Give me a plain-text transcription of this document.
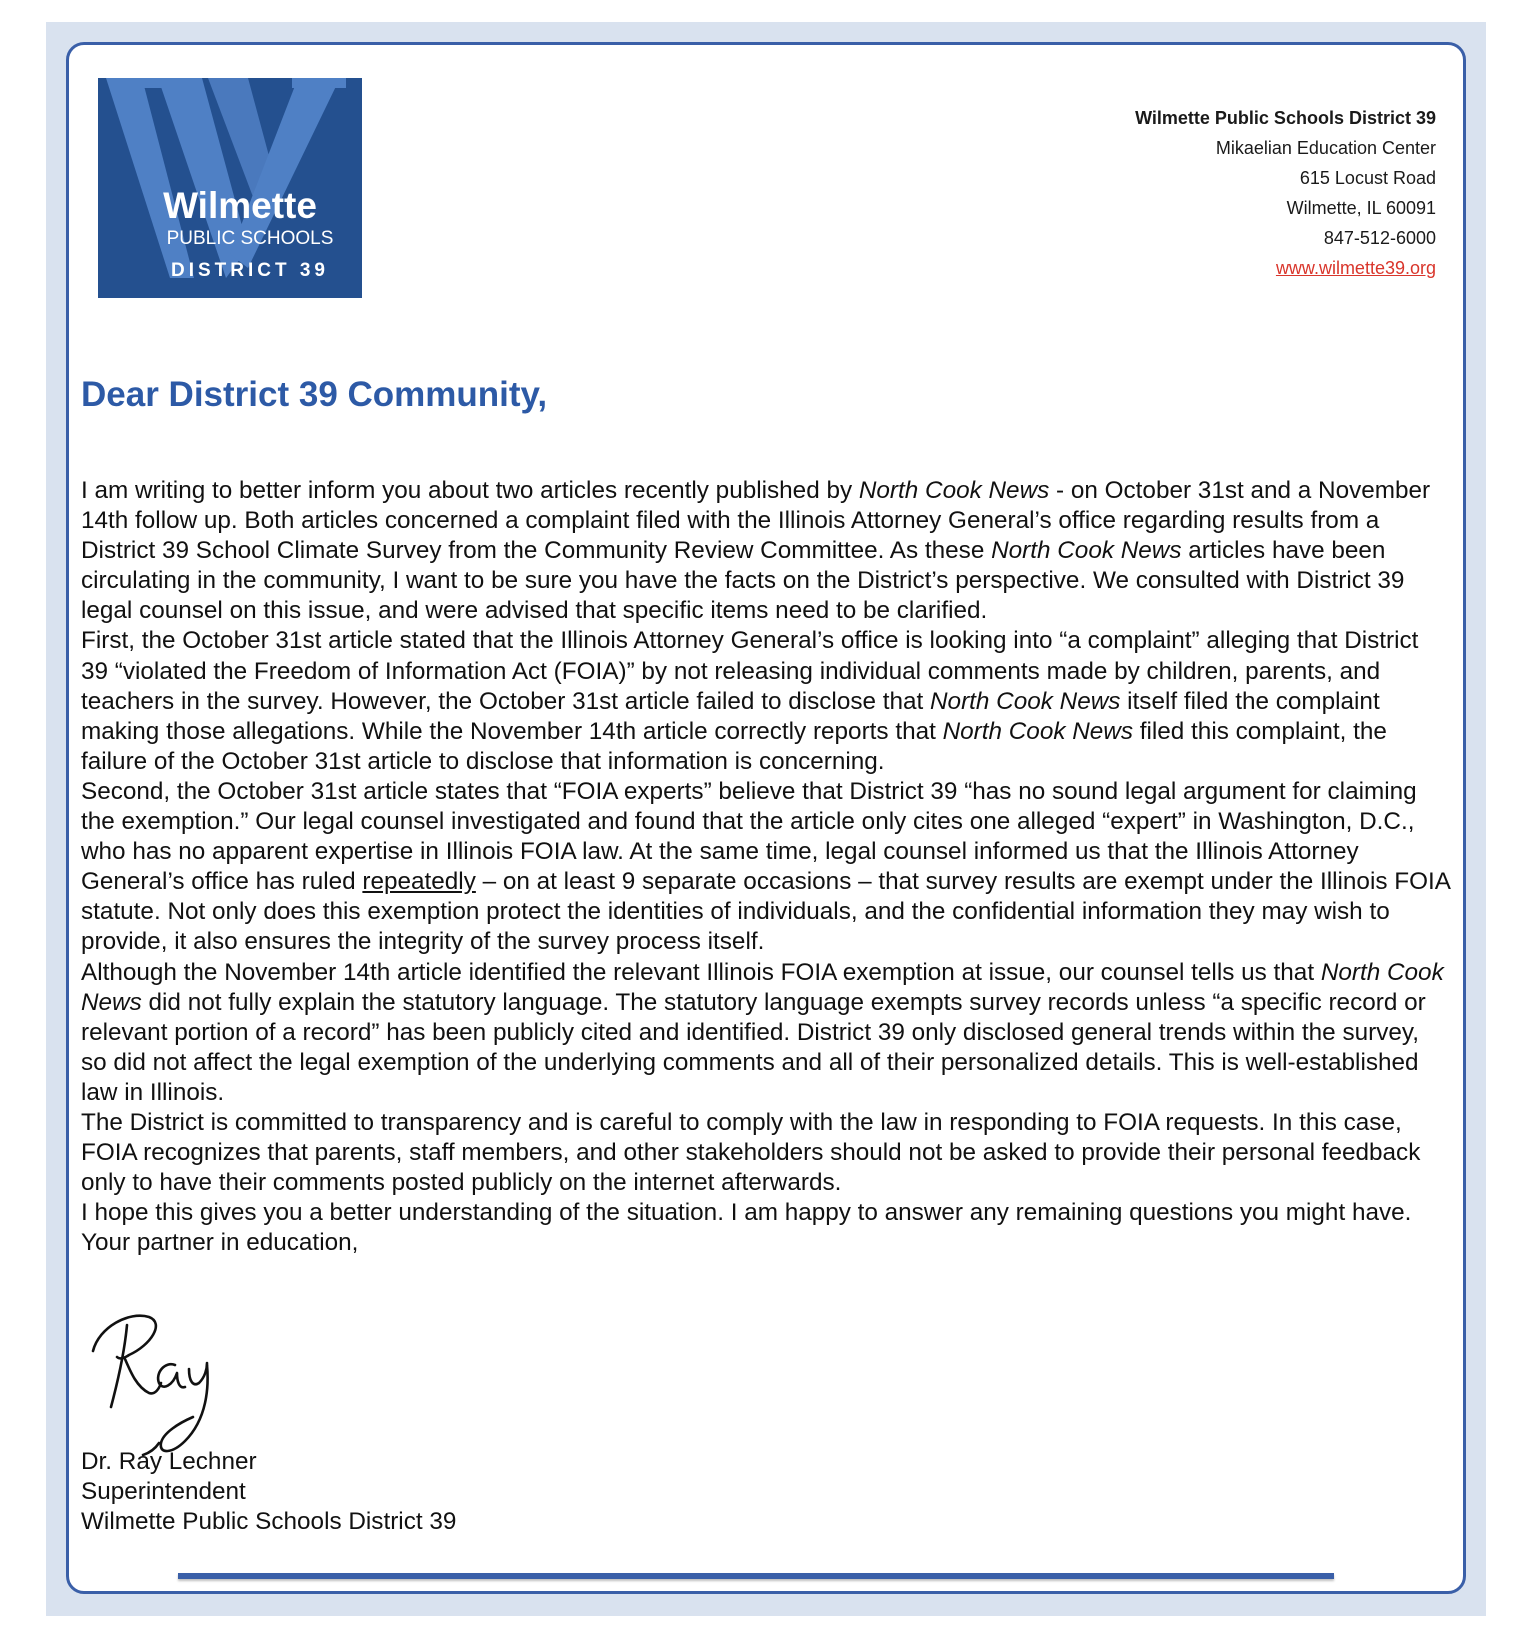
Wilmette
PUBLIC SCHOOLS
DISTRICT 39
Wilmette Public Schools District 39
Mikaelian Education Center
615 Locust Road
Wilmette, IL 60091
847-512-6000
www.wilmette39.org
Dear District 39 Community,

I am writing to better inform you about two articles recently published by North Cook News - on October 31st and a November 14th follow up. Both articles concerned a complaint filed with the Illinois Attorney General’s office regarding results from a District 39 School Climate Survey from the Community Review Committee. As these North Cook News articles have been circulating in the community, I want to be sure you have the facts on the District’s perspective. We consulted with District 39 legal counsel on this issue, and were advised that specific items need to be clarified.

First, the October 31st article stated that the Illinois Attorney General’s office is looking into “a complaint” alleging that District 39 “violated the Freedom of Information Act (FOIA)” by not releasing individual comments made by children, parents, and teachers in the survey. However, the October 31st article failed to disclose that North Cook News itself filed the complaint making those allegations. While the November 14th article correctly reports that North Cook News filed this complaint, the failure of the October 31st article to disclose that information is concerning.

Second, the October 31st article states that “FOIA experts” believe that District 39 “has no sound legal argument for claiming the exemption.” Our legal counsel investigated and found that the article only cites one alleged “expert” in Washington, D.C., who has no apparent expertise in Illinois FOIA law. At the same time, legal counsel informed us that the Illinois Attorney General’s office has ruled repeatedly – on at least 9 separate occasions – that survey results are exempt under the Illinois FOIA statute. Not only does this exemption protect the identities of individuals, and the confidential information they may wish to provide, it also ensures the integrity of the survey process itself.

Although the November 14th article identified the relevant Illinois FOIA exemption at issue, our counsel tells us that North Cook News did not fully explain the statutory language. The statutory language exempts survey records unless “a specific record or relevant portion of a record” has been publicly cited and identified. District 39 only disclosed general trends within the survey, so did not affect the legal exemption of the underlying comments and all of their personalized details. This is well-established law in Illinois.

The District is committed to transparency and is careful to comply with the law in responding to FOIA requests. In this case, FOIA recognizes that parents, staff members, and other stakeholders should not be asked to provide their personal feedback only to have their comments posted publicly on the internet afterwards.

I hope this gives you a better understanding of the situation. I am happy to answer any remaining questions you might have.

Your partner in education,

Dr. Ray Lechner
Superintendent
Wilmette Public Schools District 39
